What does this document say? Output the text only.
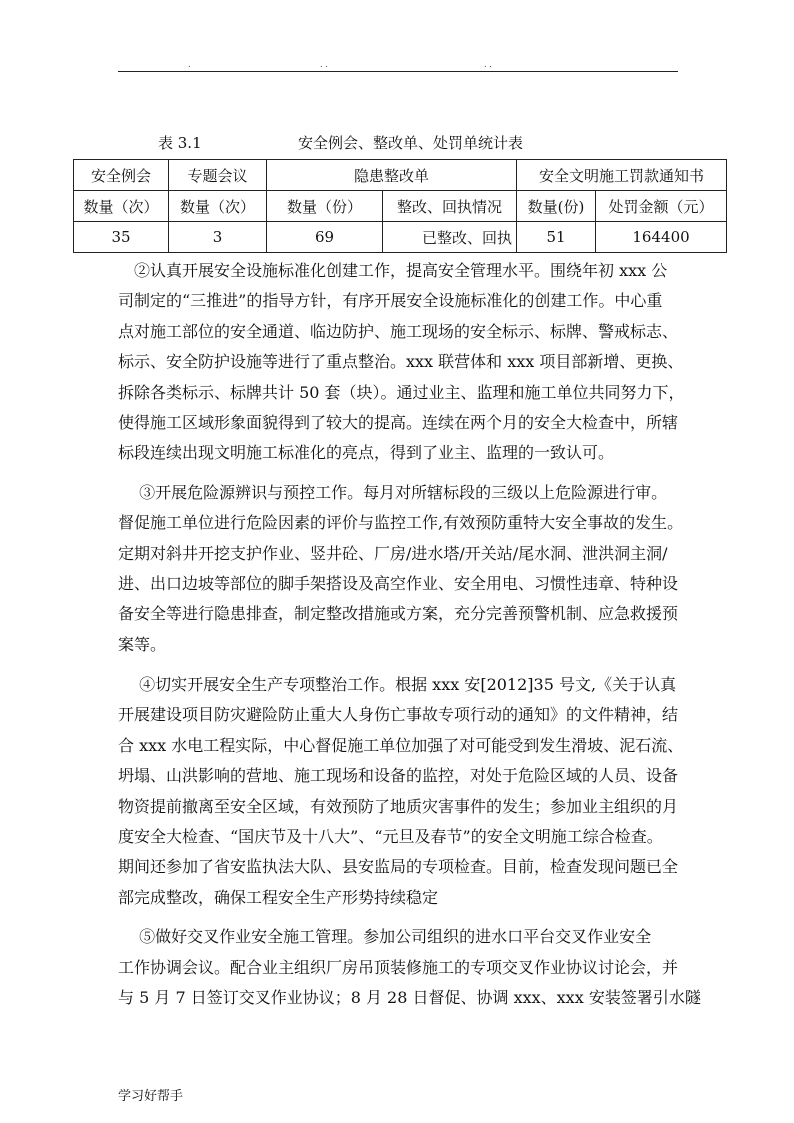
.	. .	. .
表 3.1	安全例会、整改单、处罚单统计表
安全例会	专题会议	隐患整改单		安全文明施工罚款通知书	
数量（次）	数量（次）	数量（份）	整改、回执情况	数量(份)	处罚金额（元）
35	3	69	已整改、回执	51	164400
　②认真开展安全设施标准化创建工作，提高安全管理水平。围绕年初 xxx 公
司制定的“三推进”的指导方针，有序开展安全设施标准化的创建工作。中心重
点对施工部位的安全通道、临边防护、施工现场的安全标示、标牌、警戒标志、
标示、安全防护设施等进行了重点整治。xxx 联营体和 xxx 项目部新增、更换、
拆除各类标示、标牌共计 50 套（块）。通过业主、监理和施工单位共同努力下，
使得施工区域形象面貌得到了较大的提高。连续在两个月的安全大检查中，所辖
标段连续出现文明施工标准化的亮点，得到了业主、监理的一致认可。
　 ③开展危险源辨识与预控工作。每月对所辖标段的三级以上危险源进行审。
督促施工单位进行危险因素的评价与监控工作,有效预防重特大安全事故的发生。
定期对斜井开挖支护作业、竖井砼、厂房/进水塔/开关站/尾水洞、泄洪洞主洞/
进、出口边坡等部位的脚手架搭设及高空作业、安全用电、习惯性违章、特种设
备安全等进行隐患排查，制定整改措施或方案，充分完善预警机制、应急救援预
案等。
　 ④切实开展安全生产专项整治工作。根据 xxx 安[2012]35 号文,《关于认真
开展建设项目防灾避险防止重大人身伤亡事故专项行动的通知》的文件精神，结
合 xxx 水电工程实际，中心督促施工单位加强了对可能受到发生滑坡、泥石流、
坍塌、山洪影响的营地、施工现场和设备的监控，对处于危险区域的人员、设备
物资提前撤离至安全区域，有效预防了地质灾害事件的发生；参加业主组织的月
度安全大检查、“国庆节及十八大”、“元旦及春节”的安全文明施工综合检查。
期间还参加了省安监执法大队、县安监局的专项检查。目前，检查发现问题已全
部完成整改，确保工程安全生产形势持续稳定
　 ⑤做好交叉作业安全施工管理。参加公司组织的进水口平台交叉作业安全
工作协调会议。配合业主组织厂房吊顶装修施工的专项交叉作业协议讨论会，并
与 5 月 7 日签订交叉作业协议；8 月 28 日督促、协调 xxx、xxx 安装签署引水隧
学习好帮手
